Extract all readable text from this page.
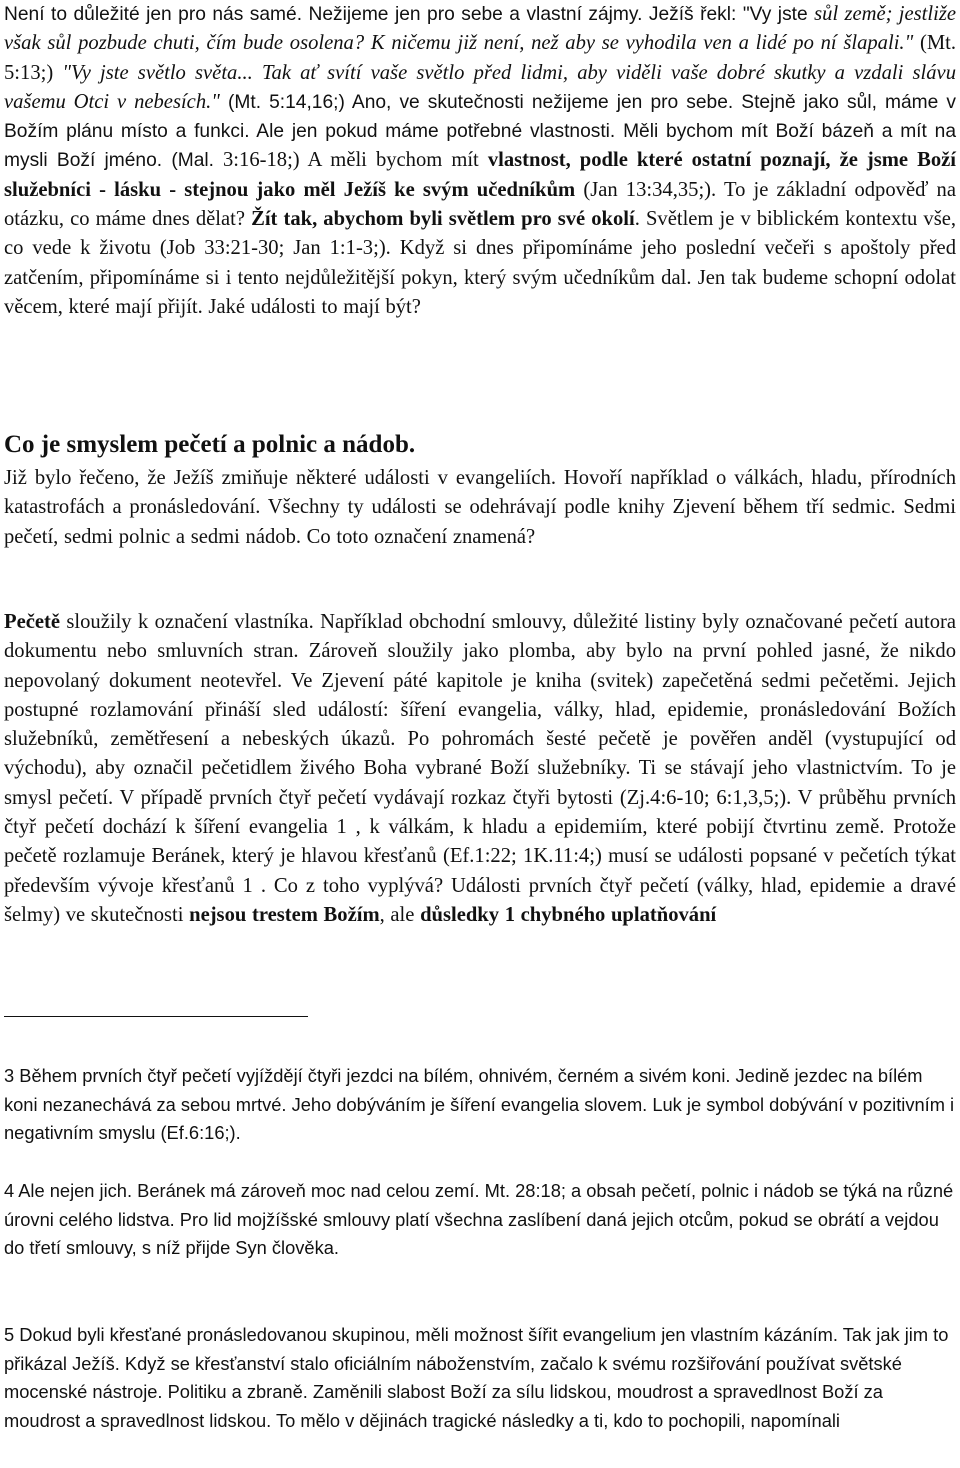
Není to důležité jen pro nás samé. Nežijeme jen pro sebe a vlastní zájmy. Ježíš řekl: "Vy jste sůl země; jestliže však sůl pozbude chuti, čím bude osolena? K ničemu již není, než aby se vyhodila ven a lidé po ní šlapali." (Mt. 5:13;) "Vy jste světlo světa... Tak ať svítí vaše světlo před lidmi, aby viděli vaše dobré skutky a vzdali slávu vašemu Otci v nebesích." (Mt. 5:14,16;) Ano, ve skutečnosti nežijeme jen pro sebe. Stejně jako sůl, máme v Božím plánu místo a funkci. Ale jen pokud máme potřebné vlastnosti. Měli bychom mít Boží bázeň a mít na mysli Boží jméno. (Mal. 3:16-18;) A měli bychom mít vlastnost, podle které ostatní poznají, že jsme Boží služebníci - lásku - stejnou jako měl Ježíš ke svým učedníkům (Jan 13:34,35;). To je základní odpověď na otázku, co máme dnes dělat? Žít tak, abychom byli světlem pro své okolí. Světlem je v biblickém kontextu vše, co vede k životu (Job 33:21-30; Jan 1:1-3;). Když si dnes připomínáme jeho poslední večeři s apoštoly před zatčením, připomínáme si i tento nejdůležitější pokyn, který svým učedníkům dal. Jen tak budeme schopní odolat věcem, které mají přijít. Jaké události to mají být?

Co je smyslem pečetí a polnic a nádob.

Již bylo řečeno, že Ježíš zmiňuje některé události v evangeliích. Hovoří například o válkách, hladu, přírodních katastrofách a pronásledování. Všechny ty události se odehrávají podle knihy Zjevení během tří sedmic. Sedmi pečetí, sedmi polnic a sedmi nádob. Co toto označení znamená?

Pečetě sloužily k označení vlastníka. Například obchodní smlouvy, důležité listiny byly označované pečetí autora dokumentu nebo smluvních stran. Zároveň sloužily jako plomba, aby bylo na první pohled jasné, že nikdo nepovolaný dokument neotevřel. Ve Zjevení páté kapitole je kniha (svitek) zapečetěná sedmi pečetěmi. Jejich postupné rozlamování přináší sled událostí: šíření evangelia, války, hlad, epidemie, pronásledování Božích služebníků, zemětřesení a nebeských úkazů. Po pohromách šesté pečetě je pověřen anděl (vystupující od východu), aby označil pečetidlem živého Boha vybrané Boží služebníky. Ti se stávají jeho vlastnictvím. To je smysl pečetí. V případě prvních čtyř pečetí vydávají rozkaz čtyři bytosti (Zj.4:6-10; 6:1,3,5;). V průběhu prvních čtyř pečetí dochází k šíření evangelia 1 , k válkám, k hladu a epidemiím, které pobijí čtvrtinu země. Protože pečetě rozlamuje Beránek, který je hlavou křesťanů (Ef.1:22; 1K.11:4;) musí se události popsané v pečetích týkat především vývoje křesťanů 1 . Co z toho vyplývá? Události prvních čtyř pečetí (války, hlad, epidemie a dravé šelmy) ve skutečnosti nejsou trestem Božím, ale důsledky 1 chybného uplatňování

3 Během prvních čtyř pečetí vyjíždějí čtyři jezdci na bílém, ohnivém, černém a sivém koni. Jedině jezdec na bílém koni nezanechává za sebou mrtvé. Jeho dobýváním je šíření evangelia slovem. Luk je symbol dobývání v pozitivním i negativním smyslu (Ef.6:16;).

4 Ale nejen jich. Beránek má zároveň moc nad celou zemí. Mt. 28:18; a obsah pečetí, polnic i nádob se týká na různé úrovni celého lidstva. Pro lid mojžíšské smlouvy platí všechna zaslíbení daná jejich otcům, pokud se obrátí a vejdou do třetí smlouvy, s níž přijde Syn člověka.

5 Dokud byli křesťané pronásledovanou skupinou, měli možnost šířit evangelium jen vlastním kázáním. Tak jak jim to přikázal Ježíš. Když se křesťanství stalo oficiálním náboženstvím, začalo k svému rozšiřování používat světské mocenské nástroje. Politiku a zbraně. Zaměnili slabost Boží za sílu lidskou, moudrost a spravedlnost Boží za moudrost a spravedlnost lidskou. To mělo v dějinách tragické následky a ti, kdo to pochopili, napomínali
